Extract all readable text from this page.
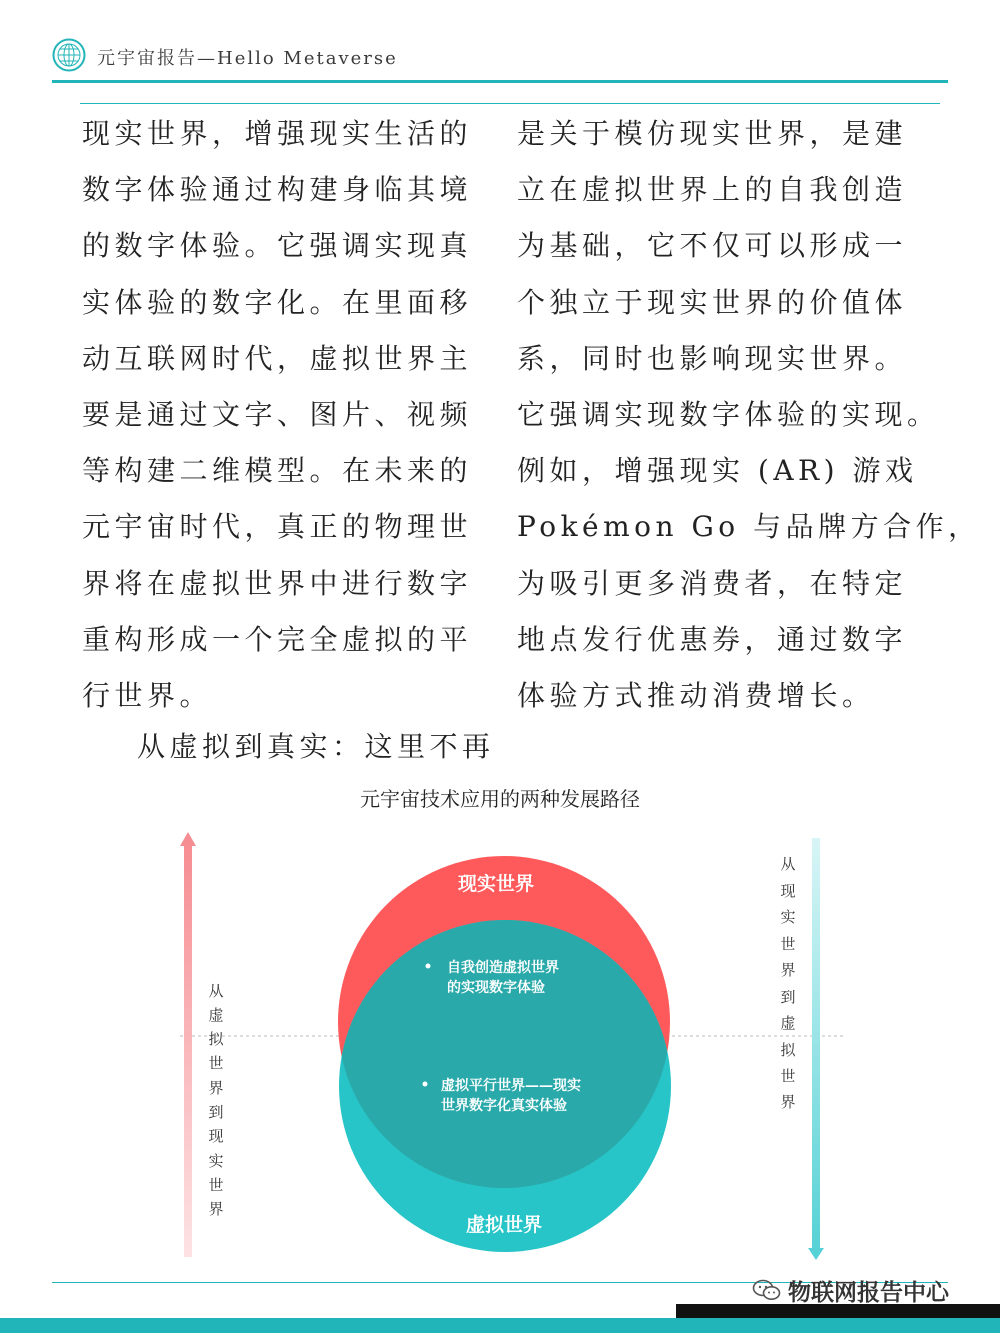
元宇宙报告—Hello Metaverse
现实世界，增强现实生活的
数字体验通过构建身临其境
的数字体验。它强调实现真
实体验的数字化。在里面移
动互联网时代，虚拟世界主
要是通过文字、图片、视频
等构建二维模型。在未来的
元宇宙时代，真正的物理世
界将在虚拟世界中进行数字
重构形成一个完全虚拟的平
行世界。
是关于模仿现实世界，是建
立在虚拟世界上的自我创造
为基础，它不仅可以形成一
个独立于现实世界的价值体
系，同时也影响现实世界。
它强调实现数字体验的实现。
例如，增强现实 (AR) 游戏
Pokémon Go 与品牌方合作，
为吸引更多消费者，在特定
地点发行优惠券，通过数字
体验方式推动消费增长。
从虚拟到真实：这里不再
元宇宙技术应用的两种发展路径
现实世界
虚拟世界
自我创造虚拟世界
的实现数字体验
虚拟平行世界——现实
世界数字化真实体验
从
虚
拟
世
界
到
现
实
世
界
从
现
实
世
界
到
虚
拟
世
界
物联网报告中心
